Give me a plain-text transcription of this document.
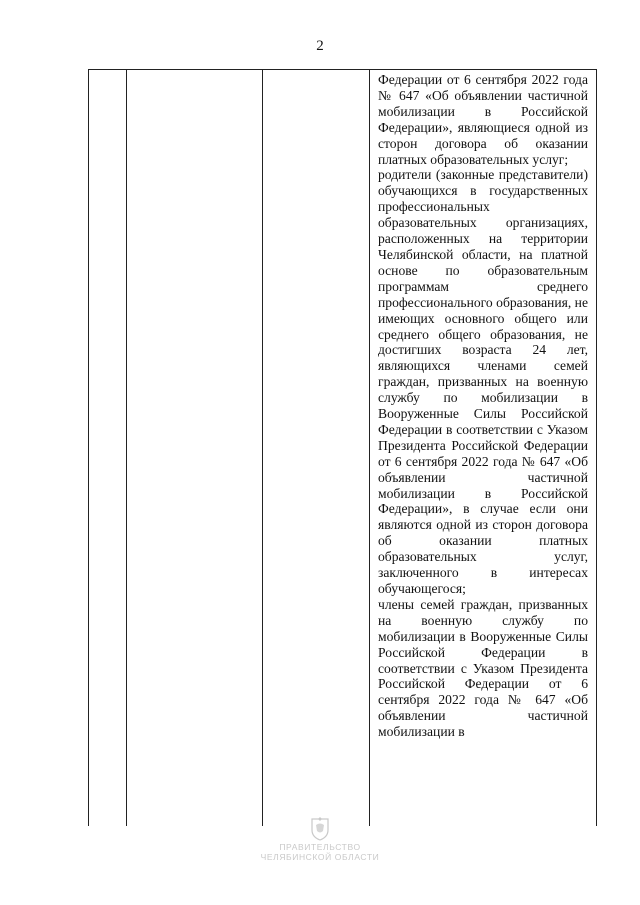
2

Федерации от 6 сентября 2022 года № 647 «Об объявлении частичной мобилизации в Российской Федерации», являющиеся одной из сторон договора об оказании платных образовательных услуг;

родители (законные представители) обучающихся в государственных профессиональных образовательных организациях, расположенных на территории Челябинской области, на платной основе по образовательным программам среднего профессионального образования, не имеющих основного общего или среднего общего образования, не достигших возраста 24 лет, являющихся членами семей граждан, призванных на военную службу по мобилизации в Вооруженные Силы Российской Федерации в соответствии с Указом Президента Российской Федерации от 6 сентября 2022 года № 647 «Об объявлении частичной мобилизации в Российской Федерации», в случае если они являются одной из сторон договора об оказании платных образовательных услуг, заключенного в интересах обучающегося;

члены семей граждан, призванных на военную службу по мобилизации в Вооруженные Силы Российской Федерации в соответствии с Указом Президента Российской Федерации от 6 сентября 2022 года № 647 «Об объявлении частичной мобилизации в

ПРАВИТЕЛЬСТВО
ЧЕЛЯБИНСКОЙ ОБЛАСТИ
